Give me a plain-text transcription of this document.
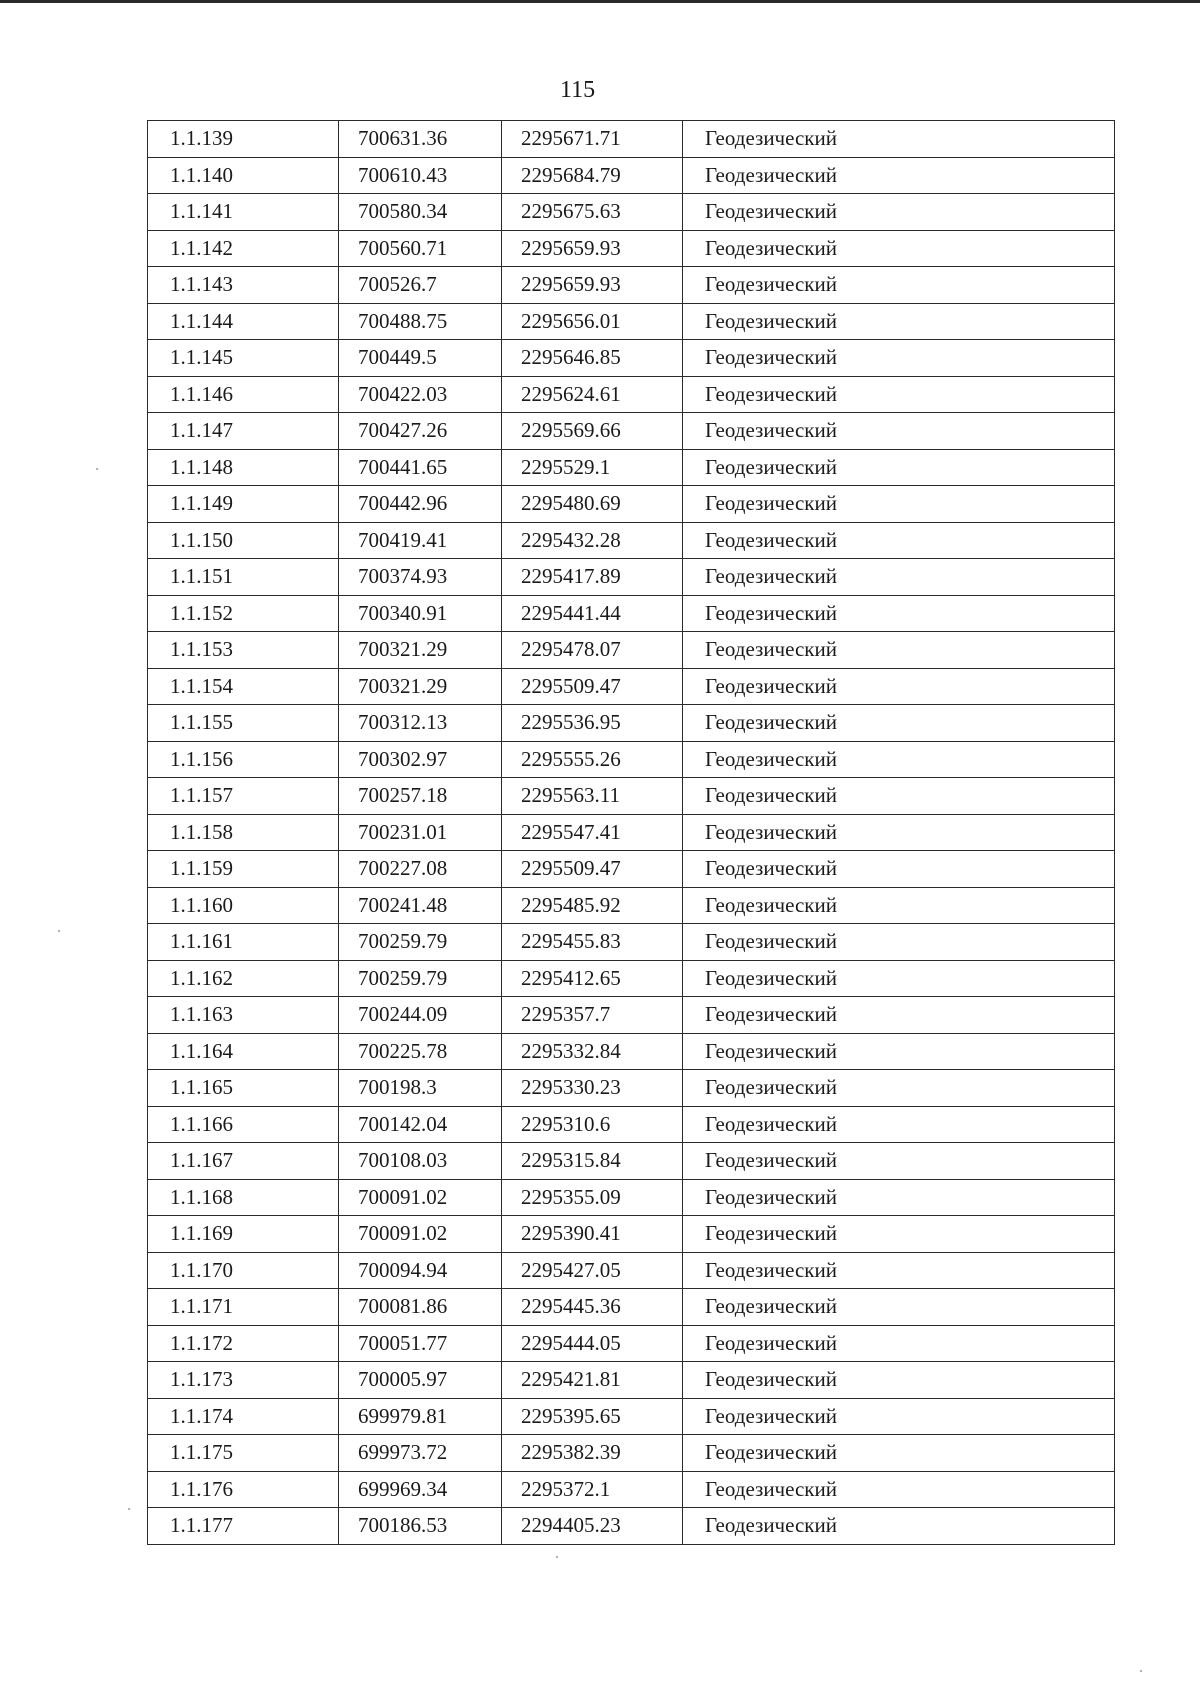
115
1.1.139	700631.36	2295671.71	Геодезический
1.1.140	700610.43	2295684.79	Геодезический
1.1.141	700580.34	2295675.63	Геодезический
1.1.142	700560.71	2295659.93	Геодезический
1.1.143	700526.7	2295659.93	Геодезический
1.1.144	700488.75	2295656.01	Геодезический
1.1.145	700449.5	2295646.85	Геодезический
1.1.146	700422.03	2295624.61	Геодезический
1.1.147	700427.26	2295569.66	Геодезический
1.1.148	700441.65	2295529.1	Геодезический
1.1.149	700442.96	2295480.69	Геодезический
1.1.150	700419.41	2295432.28	Геодезический
1.1.151	700374.93	2295417.89	Геодезический
1.1.152	700340.91	2295441.44	Геодезический
1.1.153	700321.29	2295478.07	Геодезический
1.1.154	700321.29	2295509.47	Геодезический
1.1.155	700312.13	2295536.95	Геодезический
1.1.156	700302.97	2295555.26	Геодезический
1.1.157	700257.18	2295563.11	Геодезический
1.1.158	700231.01	2295547.41	Геодезический
1.1.159	700227.08	2295509.47	Геодезический
1.1.160	700241.48	2295485.92	Геодезический
1.1.161	700259.79	2295455.83	Геодезический
1.1.162	700259.79	2295412.65	Геодезический
1.1.163	700244.09	2295357.7	Геодезический
1.1.164	700225.78	2295332.84	Геодезический
1.1.165	700198.3	2295330.23	Геодезический
1.1.166	700142.04	2295310.6	Геодезический
1.1.167	700108.03	2295315.84	Геодезический
1.1.168	700091.02	2295355.09	Геодезический
1.1.169	700091.02	2295390.41	Геодезический
1.1.170	700094.94	2295427.05	Геодезический
1.1.171	700081.86	2295445.36	Геодезический
1.1.172	700051.77	2295444.05	Геодезический
1.1.173	700005.97	2295421.81	Геодезический
1.1.174	699979.81	2295395.65	Геодезический
1.1.175	699973.72	2295382.39	Геодезический
1.1.176	699969.34	2295372.1	Геодезический
1.1.177	700186.53	2294405.23	Геодезический
